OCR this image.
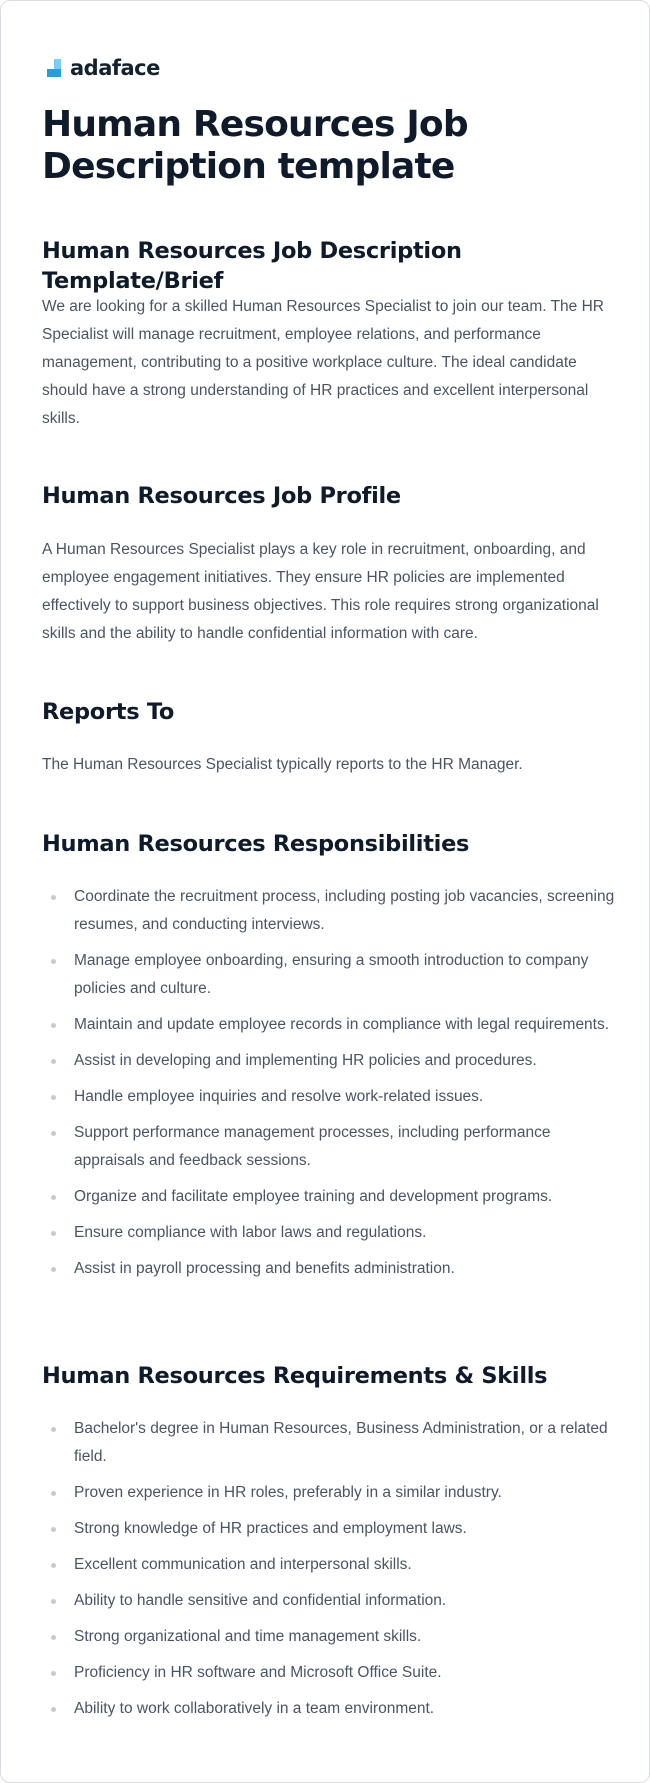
adaface
Human Resources Job Description template
Human Resources Job Description Template/Brief

We are looking for a skilled Human Resources Specialist to join our team. The HR Specialist will manage recruitment, employee relations, and performance management, contributing to a positive workplace culture. The ideal candidate should have a strong understanding of HR practices and excellent interpersonal skills.

Human Resources Job Profile

A Human Resources Specialist plays a key role in recruitment, onboarding, and employee engagement initiatives. They ensure HR policies are implemented effectively to support business objectives. This role requires strong organizational skills and the ability to handle confidential information with care.

Reports To

The Human Resources Specialist typically reports to the HR Manager.

Human Resources Responsibilities
Coordinate the recruitment process, including posting job vacancies, screening resumes, and conducting interviews.
Manage employee onboarding, ensuring a smooth introduction to company policies and culture.
Maintain and update employee records in compliance with legal requirements.
Assist in developing and implementing HR policies and procedures.
Handle employee inquiries and resolve work-related issues.
Support performance management processes, including performance appraisals and feedback sessions.
Organize and facilitate employee training and development programs.
Ensure compliance with labor laws and regulations.
Assist in payroll processing and benefits administration.
Human Resources Requirements & Skills
Bachelor's degree in Human Resources, Business Administration, or a related field.
Proven experience in HR roles, preferably in a similar industry.
Strong knowledge of HR practices and employment laws.
Excellent communication and interpersonal skills.
Ability to handle sensitive and confidential information.
Strong organizational and time management skills.
Proficiency in HR software and Microsoft Office Suite.
Ability to work collaboratively in a team environment.
